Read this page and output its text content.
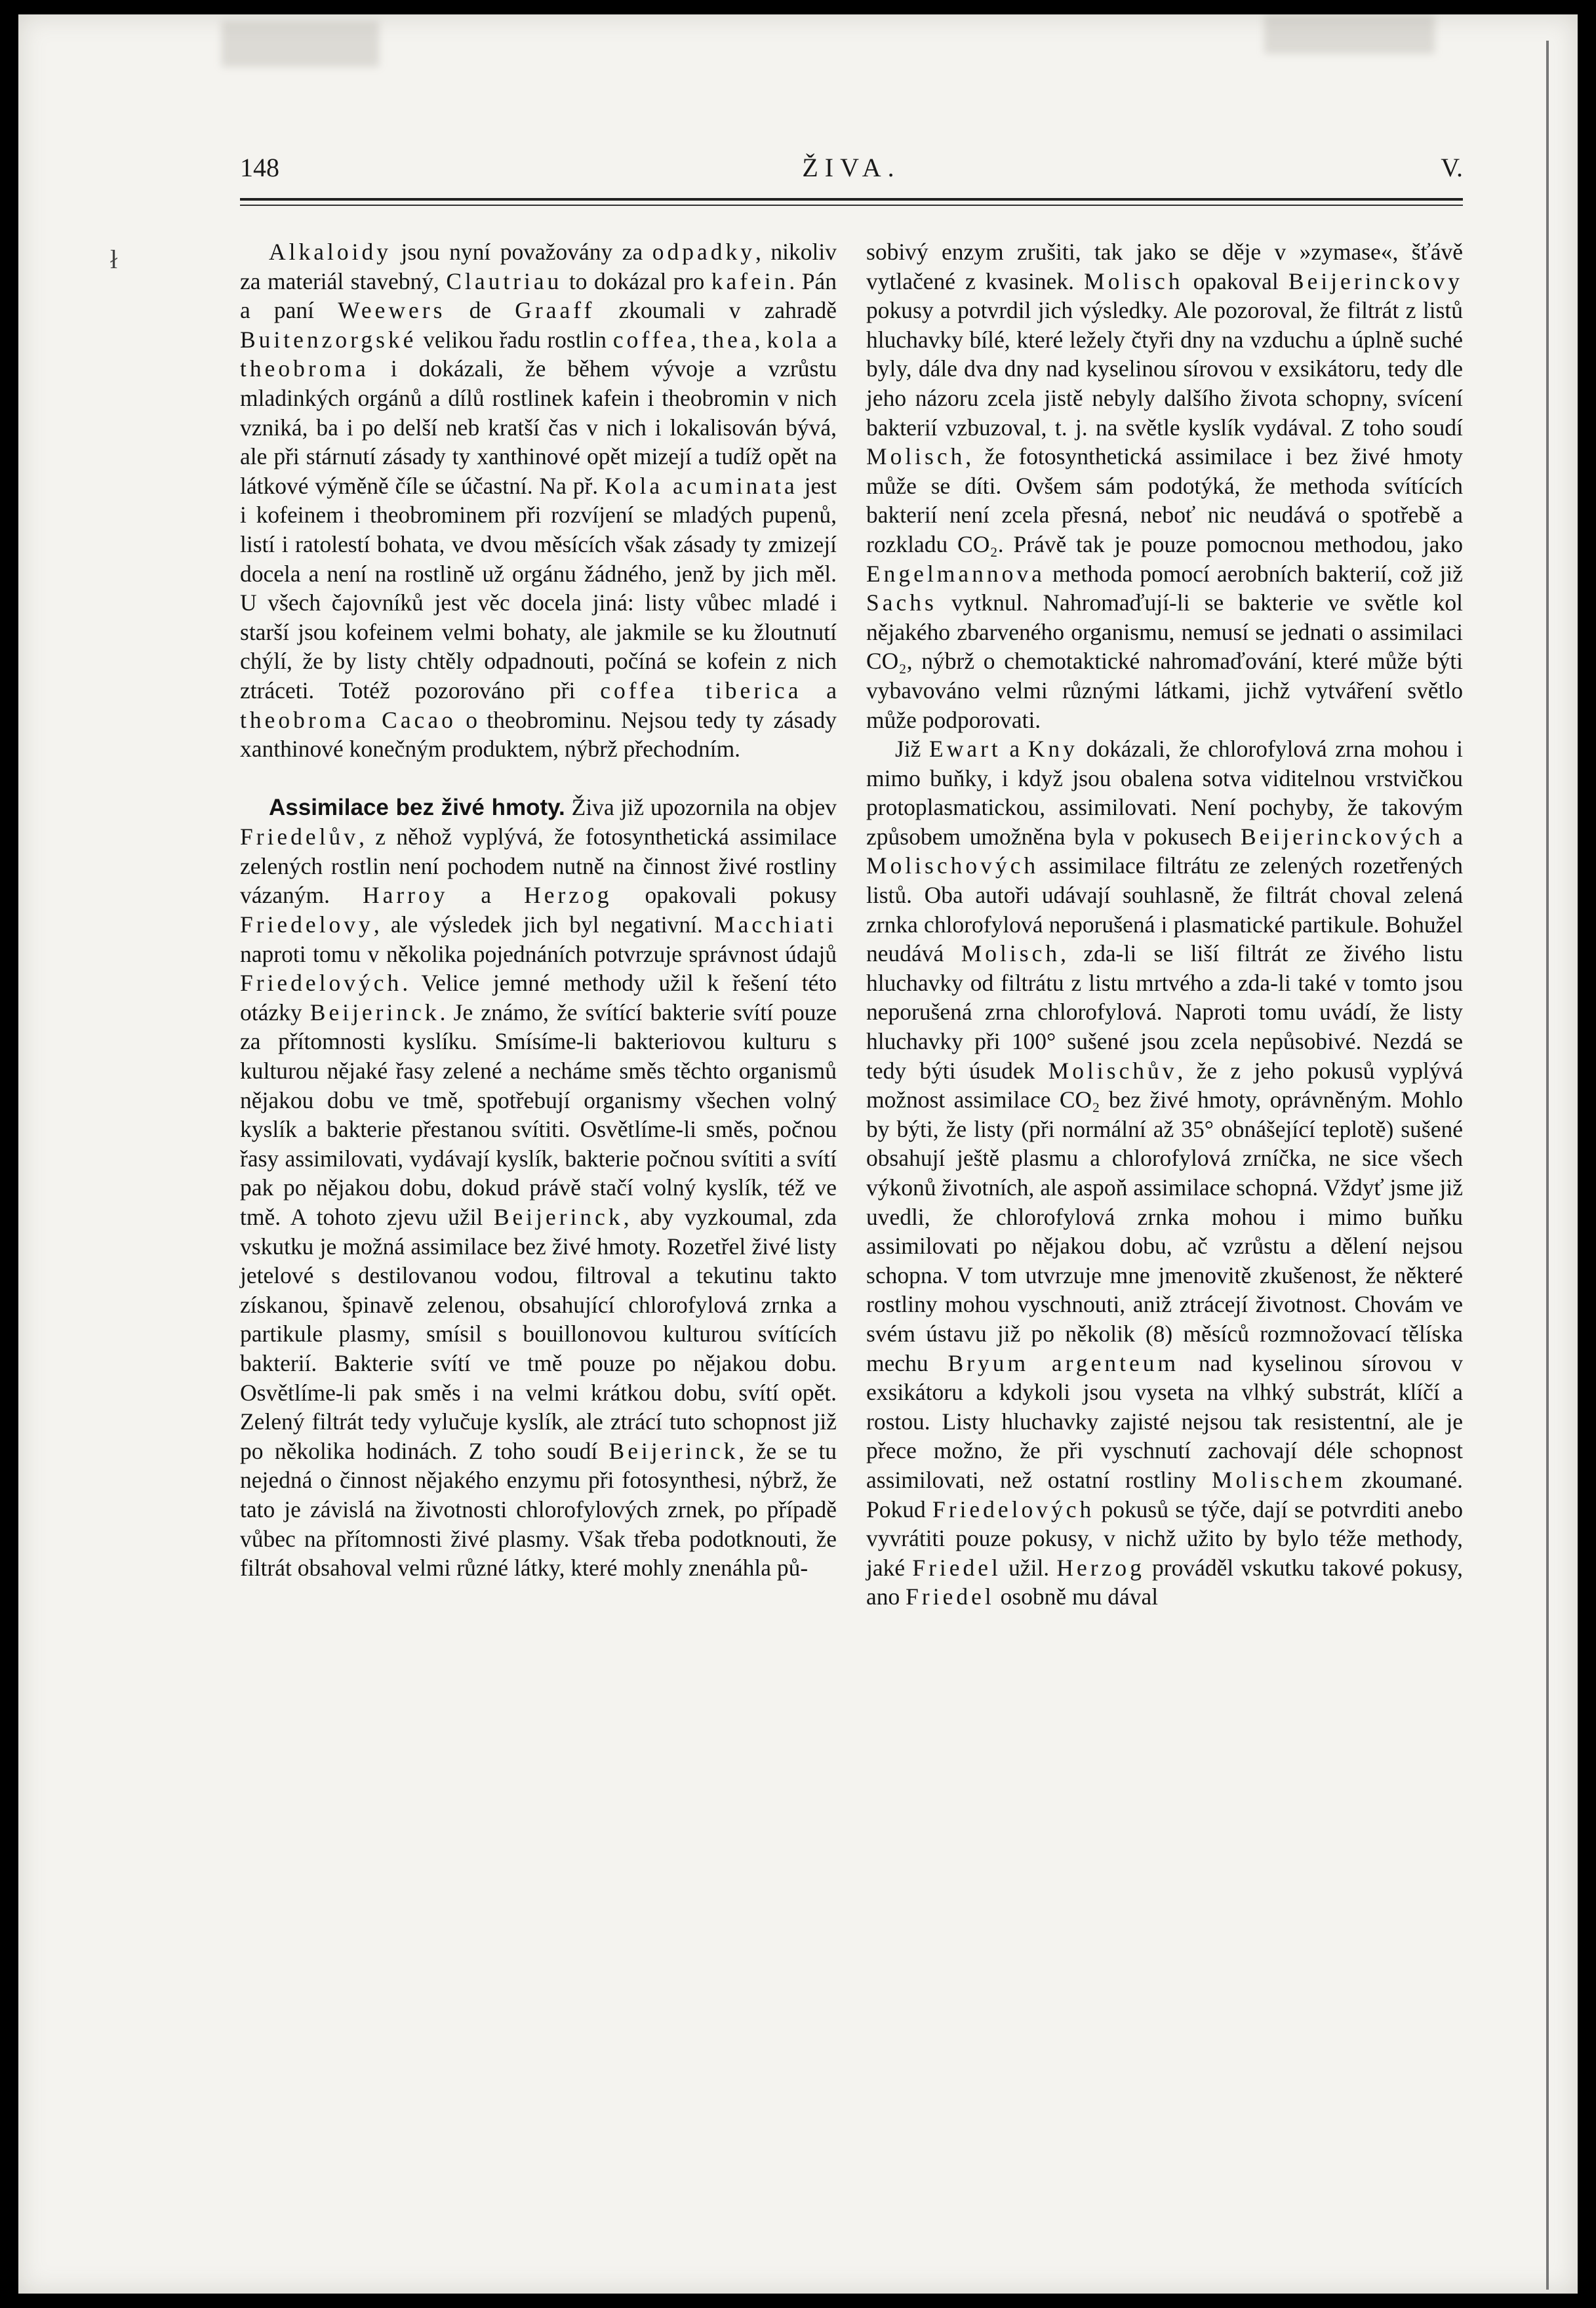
148	ŽIVA.	V.
ł	Alkaloidy jsou nyní považovány za odpadky, nikoliv za materiál stavebný, Clautriau to dokázal pro kafein. Pán a paní Weewers de Graaff zkoumali v zahradě Buitenzorgské velikou řadu rostlin coffea, thea, kola a theobroma i dokázali, že během vývoje a vzrůstu mladinkých orgánů a dílů rostlinek kafein i theobromin v nich vzniká, ba i po delší neb kratší čas v nich i lokalisován bývá, ale při stárnutí zásady ty xanthinové opět mizejí a tudíž opět na látkové výměně číle se účastní. Na př. Kola acuminata jest i kofeinem i theobrominem při rozvíjení se mladých pupenů, listí i ratolestí bohata, ve dvou měsících však zásady ty zmizejí docela a není na rostlině už orgánu žádného, jenž by jich měl. U všech čajovníků jest věc docela jiná: listy vůbec mladé i starší jsou kofeinem velmi bohaty, ale jakmile se ku žloutnutí chýlí, že by listy chtěly odpadnouti, počíná se kofein z nich ztráceti. Totéž pozorováno při coffea tiberica a theobroma Cacao o theobrominu. Nejsou tedy ty zásady xanthinové konečným produktem, nýbrž přechodním.

Assimilace bez živé hmoty. Živa již upozornila na objev Friedelův, z něhož vyplývá, že fotosynthetická assimilace zelených rostlin není pochodem nutně na činnost živé rostliny vázaným. Harroy a Herzog opakovali pokusy Friedelovy, ale výsledek jich byl negativní. Macchiati naproti tomu v několika pojednáních potvrzuje správnost údajů Friedelových. Velice jemné methody užil k řešení této otázky Beijerinck. Je známo, že svítící bakterie svítí pouze za přítomnosti kyslíku. Smísíme-li bakteriovou kulturu s kulturou nějaké řasy zelené a necháme směs těchto organismů nějakou dobu ve tmě, spotřebují organismy všechen volný kyslík a bakterie přestanou svítiti. Osvětlíme-li směs, počnou řasy assimilovati, vydávají kyslík, bakterie počnou svítiti a svítí pak po nějakou dobu, dokud právě stačí volný kyslík, též ve tmě. A tohoto zjevu užil Beijerinck, aby vyzkoumal, zda vskutku je možná assimilace bez živé hmoty. Rozetřel živé listy jetelové s destilovanou vodou, filtroval a tekutinu takto získanou, špinavě zelenou, obsahující chlorofylová zrnka a partikule plasmy, smísil s bouillonovou kulturou svítících bakterií. Bakterie svítí ve tmě pouze po nějakou dobu. Osvětlíme-li pak směs i na velmi krátkou dobu, svítí opět. Zelený filtrát tedy vylučuje kyslík, ale ztrácí tuto schopnost již po několika hodinách. Z toho soudí Beijerinck, že se tu nejedná o činnost nějakého enzymu při fotosynthesi, nýbrž, že tato je závislá na životnosti chlorofylových zrnek, po případě vůbec na přítomnosti živé plasmy. Však třeba podotknouti, že filtrát obsahoval velmi různé látky, které mohly znenáhla pů-

sobivý enzym zrušiti, tak jako se děje v »zymase«, šťávě vytlačené z kvasinek. Molisch opakoval Beijerinckovy pokusy a potvrdil jich výsledky. Ale pozoroval, že filtrát z listů hluchavky bílé, které ležely čtyři dny na vzduchu a úplně suché byly, dále dva dny nad kyselinou sírovou v exsikátoru, tedy dle jeho názoru zcela jistě nebyly dalšího života schopny, svícení bakterií vzbuzoval, t. j. na světle kyslík vydával. Z toho soudí Molisch, že fotosynthetická assimilace i bez živé hmoty může se díti. Ovšem sám podotýká, že methoda svítících bakterií není zcela přesná, neboť nic neudává o spotřebě a rozkladu CO₂. Právě tak je pouze pomocnou methodou, jako Engelmannova methoda pomocí aerobních bakterií, což již Sachs vytknul. Nahromaďují-li se bakterie ve světle kol nějakého zbarveného organismu, nemusí se jednati o assimilaci CO₂, nýbrž o chemotaktické nahromaďování, které může býti vybavováno velmi různými látkami, jichž vytváření světlo může podporovati.

Již Ewart a Kny dokázali, že chlorofylová zrna mohou i mimo buňky, i když jsou obalena sotva viditelnou vrstvičkou protoplasmatickou, assimilovati. Není pochyby, že takovým způsobem umožněna byla v pokusech Beijerinckových a Molischových assimilace filtrátu ze zelených rozetřených listů. Oba autoři udávají souhlasně, že filtrát choval zelená zrnka chlorofylová neporušená i plasmatické partikule. Bohužel neudává Molisch, zda-li se liší filtrát ze živého listu hluchavky od filtrátu z listu mrtvého a zda-li také v tomto jsou neporušená zrna chlorofylová. Naproti tomu uvádí, že listy hluchavky při 100° sušené jsou zcela nepůsobivé. Nezdá se tedy býti úsudek Molischův, že z jeho pokusů vyplývá možnost assimilace CO₂ bez živé hmoty, oprávněným. Mohlo by býti, že listy (při normální až 35° obnášející teplotě) sušené obsahují ještě plasmu a chlorofylová zrníčka, ne sice všech výkonů životních, ale aspoň assimilace schopná. Vždyť jsme již uvedli, že chlorofylová zrnka mohou i mimo buňku assimilovati po nějakou dobu, ač vzrůstu a dělení nejsou schopna. V tom utvrzuje mne jmenovitě zkušenost, že některé rostliny mohou vyschnouti, aniž ztrácejí životnost. Chovám ve svém ústavu již po několik (8) měsíců rozmnožovací tělíska mechu Bryum argenteum nad kyselinou sírovou v exsikátoru a kdykoli jsou vyseta na vlhký substrát, klíčí a rostou. Listy hluchavky zajisté nejsou tak resistentní, ale je přece možno, že při vyschnutí zachovají déle schopnost assimilovati, než ostatní rostliny Molischem zkoumané. Pokud Friedelových pokusů se týče, dají se potvrditi anebo vyvrátiti pouze pokusy, v nichž užito by bylo téže methody, jaké Friedel užil. Herzog prováděl vskutku takové pokusy, ano Friedel osobně mu dával
